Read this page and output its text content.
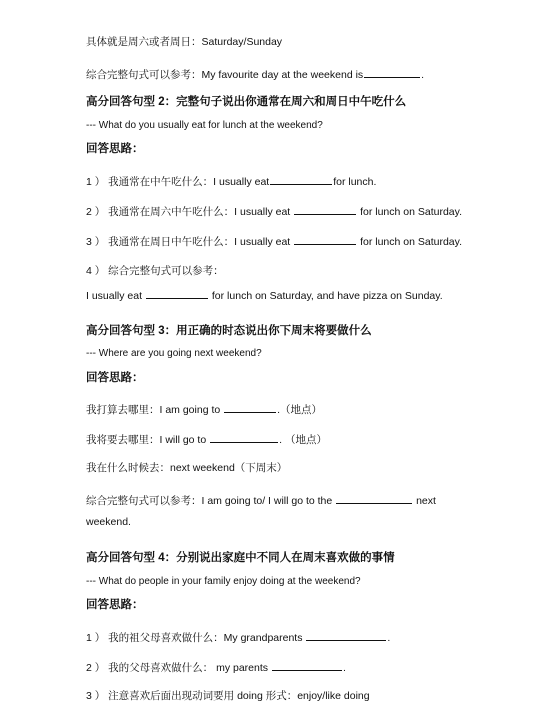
具体就是周六或者周日：Saturday/Sunday
综合完整句式可以参考：My favourite day at the weekend is	.
高分回答句型 2：完整句子说出你通常在周六和周日中午吃什么
--- What do you usually eat for lunch at the weekend?
回答思路：
1 ） 我通常在中午吃什么：I usually eat	for lunch.
2 ） 我通常在周六中午吃什么：I usually eat	for lunch on Saturday.
3 ） 我通常在周日中午吃什么：I usually eat	for lunch on Saturday.
4 ） 综合完整句式可以参考：
I usually eat	for lunch on Saturday, and have pizza on Sunday.
高分回答句型 3：用正确的时态说出你下周末将要做什么
--- Where are you going next weekend?
回答思路：
我打算去哪里：I am going to	.（地点）
我将要去哪里：I will go to	. （地点）
我在什么时候去：next weekend（下周末）
综合完整句式可以参考：I am going to/ I will go to the	next
weekend.
高分回答句型 4：分别说出家庭中不同人在周末喜欢做的事情
--- What do people in your family enjoy doing at the weekend?
回答思路：
1 ） 我的祖父母喜欢做什么：My grandparents	.
2 ） 我的父母喜欢做什么： my parents	.
3 ） 注意喜欢后面出现动词要用 doing 形式：enjoy/like doing
